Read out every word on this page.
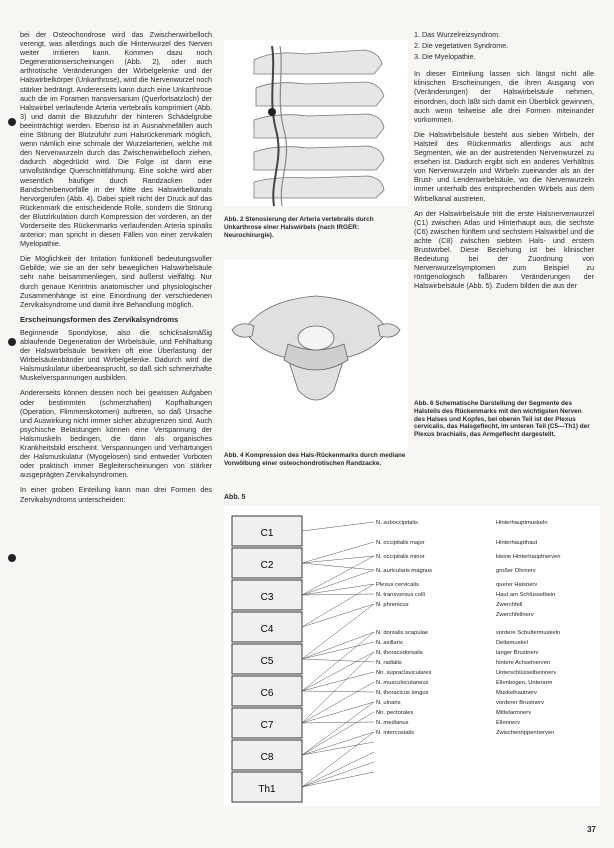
bei der Osteochondrose wird das Zwischenwirbelloch verengt, was allerdings auch die Hinterwurzel des Nerven weiter irritieren kann. Kommen dazu noch Degenerationserscheinungen (Abb. 2), oder auch arthrotische Veränderungen der Wirbelgelenke und der Halswirbelkörper (Unkarthrose), wird die Nervenwurzel noch stärker bedrängt. Andererseits kann durch eine Unkarthrose auch die im Foramen transversarium (Querfortsatzloch) der Halswirbel verlaufende Arteria vertebralis komprimiert (Abb. 3) und damit die Blutzufuhr der hinteren Schädelgrube beeinträchtigt werden. Ebenso ist in Ausnahmefällen auch eine Störung der Blutzufuhr zum Halsrückenmark möglich, wenn nämlich eine schmale der Wurzelarterien, welche mit den Nervenwurzeln durch das Zwischenwirbelloch ziehen, dadurch abgedrückt wird. Die Folge ist dann eine unvollständige Querschnittlähmung. Eine solche wird aber wesentlich häufiger durch Randzacken oder Bandscheibenvorfälle in der Mitte des Halswirbelkanals hervorgerufen (Abb. 4). Dabei spielt nicht der Druck auf das Rückenmark die entscheidende Rolle, sondern die Störung der Blutzirkulation durch Kompression der vorderen, an der Vorderseite des Rückenmarks verlaufenden Arteria spinalis anterior; man spricht in diesen Fällen von einer zervikalen Myelopathie.

Die Möglichkeit der Irritation funktionell bedeutungsvoller Gebilde, wie sie an der sehr beweglichen Halswirbelsäule sehr nahe beisammenliegen, sind äußerst vielfältig. Nur durch genaue Kenntnis anatomischer und physiologischer Zusammenhänge ist eine Einordnung der verschiedenen Zervikalsyndrome und damit ihre Behandlung möglich.

Erscheinungsformen des Zervikalsyndroms

Beginnende Spondylose, also die schicksalsmäßig ablaufende Degeneration der Wirbelsäule, und Fehlhaltung der Halswirbelsäule bewirken oft eine Überlastung der Wirbelsäulenbänder und Wirbelgelenke. Dadurch wird die Halsmuskulatur überbeansprucht, so daß sich schmerzhafte Muskelverspannungen ausbilden.

Andererseits können dessen noch bei gewissen Aufgaben oder bestimmten (schmerzhaften) Kopfhaltungen (Operation, Flimmerskotomen) auftreten, so daß Ursache und Auswirkung nicht immer sicher abzugrenzen sind. Auch psychische Belastungen können eine Verspannung der Halsmuskeln bedingen, die dann als organisches Krankheitsbild erscheint. Verspannungen und Verhärtungen der Halsmuskulatur (Myogelosen) sind entweder Vorboten oder praktisch immer Begleiterscheinungen von stärker ausgeprägten Zervikalsyndromen.

In einer groben Einteilung kann man drei Formen des Zervikalsyndroms unterscheiden:

Abb. 2 Stenosierung der Arteria vertebralis durch Unkarthrose einer Halswirbels (nach IRGER: Neurochirurgie).
Abb. 4 Kompression des Hals-Rückenmarks durch mediane Vorwölbung einer osteochondrotischen Randzacke.
1. Das Wurzelreizsyndrom.
2. Die vegetativen Syndrome.
3. Die Myelopathie.

In dieser Einteilung lassen sich längst nicht alle klinischen Erscheinungen, die ihren Ausgang von (Veränderungen) der Halswirbelsäule nehmen, einordnen, doch läßt sich damit ein Überblick gewinnen, auch wenn teilweise alle drei Formen miteinander vorkommen.

Die Halswirbelsäule besteht aus sieben Wirbeln, der Halsteil des Rückenmarks allerdings aus acht Segmenten, wie an der austretenden Nervenwurzel zu ersehen ist. Dadurch ergibt sich ein anderes Verhältnis von Nervenwurzeln und Wirbeln zueinander als an der Brust- und Lendenwirbelsäule, wo die Nervenwurzeln immer unterhalb des entsprechenden Wirbels aus dem Wirbelkanal austreten.

An der Halswirbelsäule tritt die erste Halsnervenwurzel (C1) zwischen Atlas und Hinterhaupt aus, die sechste (C6) zwischen fünftem und sechstem Halswirbel und die achte (C8) zwischen siebtem Hals- und erstem Brustwirbel. Diese Beziehung ist bei klinischer Bedeutung bei der Zuordnung von Nervenwurzelsymptomen zum Beispiel zu röntgenologisch faßbaren Veränderungen der Halswirbelsäule (Abb. 5). Zudem bilden die aus der

Abb. 6 Schematische Darstellung der Segmente des Halsteils des Rückenmarks mit den wichtigsten Nerven des Halses und Kopfes, bei oberen Teil ist der Plexus cervicalis, das Halsgeflecht, im unteren Teil (C5—Th1) der Plexus brachialis, das Armgeflecht dargestellt.
Abb. 5
C1
C2
C3
C4
C5
C6
C7
C8
Th1
N. suboccipitalis
N. occipitalis major
N. occipitalis minor
N. auricularis magnus
Plexus cervicalis
N. transversus colli
N. phrenicus
N. dorsalis scapulae
N. axillaris
N. thoracodorsalis
N. radialis
Nn. supraclaviculares
N. musculocutaneus
N. thoracicus longus
N. ulnaris
Nn. pectorales
N. medianus
N. intercostalis
Hinterhauptmuskeln
Hinterhaupthaut
kleine Hinterhauptnerven
großer Ohrnerv
querer Halsnerv
Haut am Schlüsselbein
Zwerchfell
Zwerchfellnerv
vordere Schultermuskeln
Deltamuskel
langer Brustnerv
hintere Achselnerven
Unterschlüsselbeinnerv
Ellenbogen, Unterarm
Muskelhautnerv
vorderer Brustnerv
Mittelarmnerv
Ellennerv
Zwischenrippennerven
37
